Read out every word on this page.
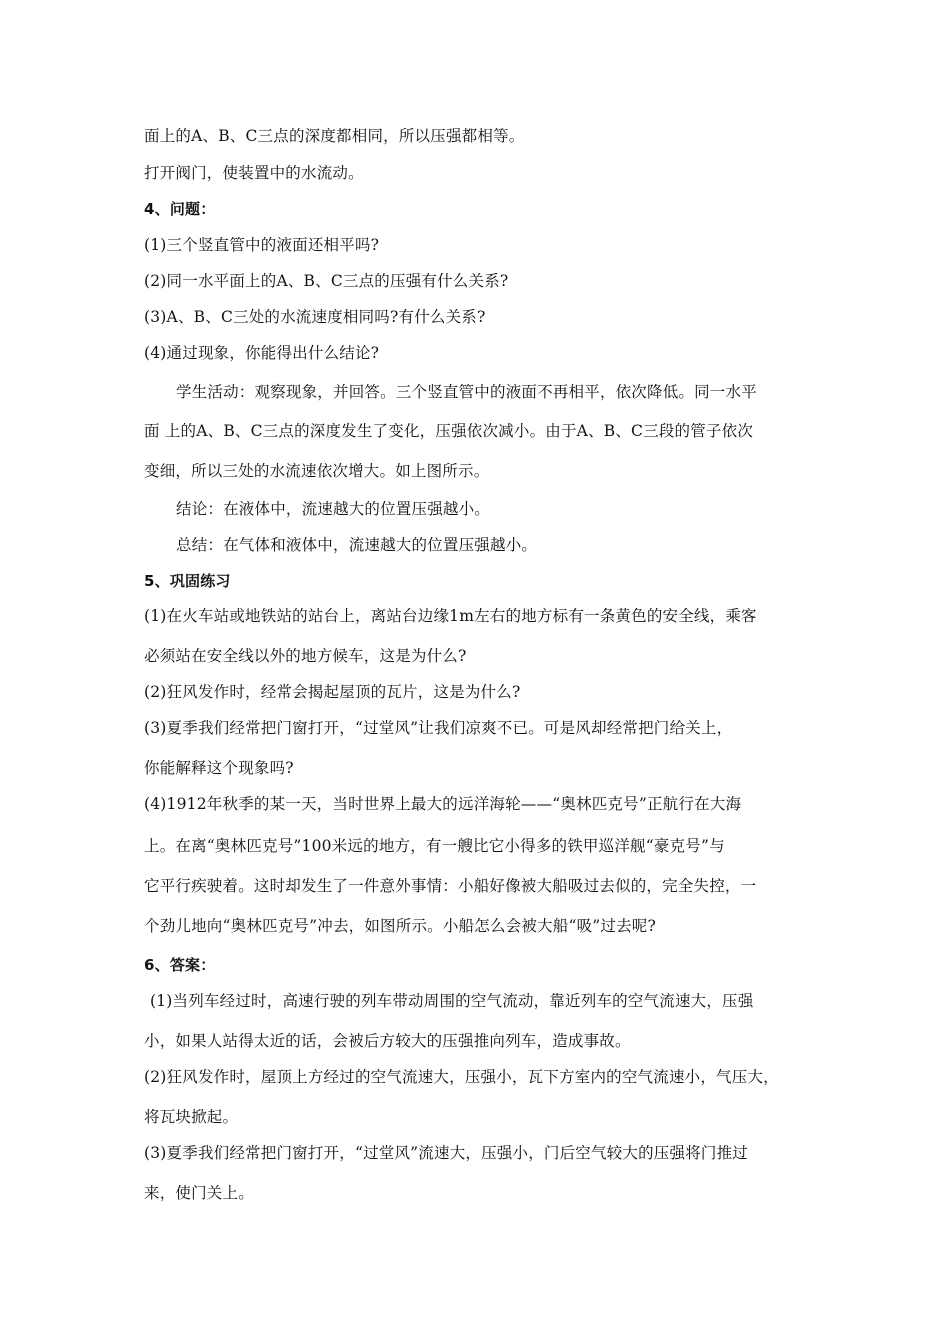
面上的A、B、C三点的深度都相同，所以压强都相等。
打开阀门，使装置中的水流动。
4、问题：
(1)三个竖直管中的液面还相平吗?
(2)同一水平面上的A、B、C三点的压强有什么关系?
(3)A、B、C三处的水流速度相同吗?有什么关系?
(4)通过现象，你能得出什么结论?
学生活动：观察现象，并回答。三个竖直管中的液面不再相平，依次降低。同一水平
面 上的A、B、C三点的深度发生了变化，压强依次减小。由于A、B、C三段的管子依次
变细，所以三处的水流速依次增大。如上图所示。
结论：在液体中，流速越大的位置压强越小。
总结：在气体和液体中，流速越大的位置压强越小。
5、巩固练习
(1)在火车站或地铁站的站台上，离站台边缘1m左右的地方标有一条黄色的安全线，乘客
必须站在安全线以外的地方候车，这是为什么?
(2)狂风发作时，经常会揭起屋顶的瓦片，这是为什么?
(3)夏季我们经常把门窗打开，“过堂风”让我们凉爽不已。可是风却经常把门给关上，
你能解释这个现象吗?
(4)1912年秋季的某一天，当时世界上最大的远洋海轮——“奥林匹克号”正航行在大海
上。在离“奥林匹克号”100米远的地方，有一艘比它小得多的铁甲巡洋舰“豪克号”与
它平行疾驶着。这时却发生了一件意外事情：小船好像被大船吸过去似的，完全失控，一
个劲儿地向“奥林匹克号”冲去，如图所示。小船怎么会被大船“吸”过去呢?
6、答案：
(1)当列车经过时，高速行驶的列车带动周围的空气流动，靠近列车的空气流速大，压强
小，如果人站得太近的话，会被后方较大的压强推向列车，造成事故。
(2)狂风发作时，屋顶上方经过的空气流速大，压强小，瓦下方室内的空气流速小，气压大，
将瓦块掀起。
(3)夏季我们经常把门窗打开，“过堂风”流速大，压强小，门后空气较大的压强将门推过
来，使门关上。
